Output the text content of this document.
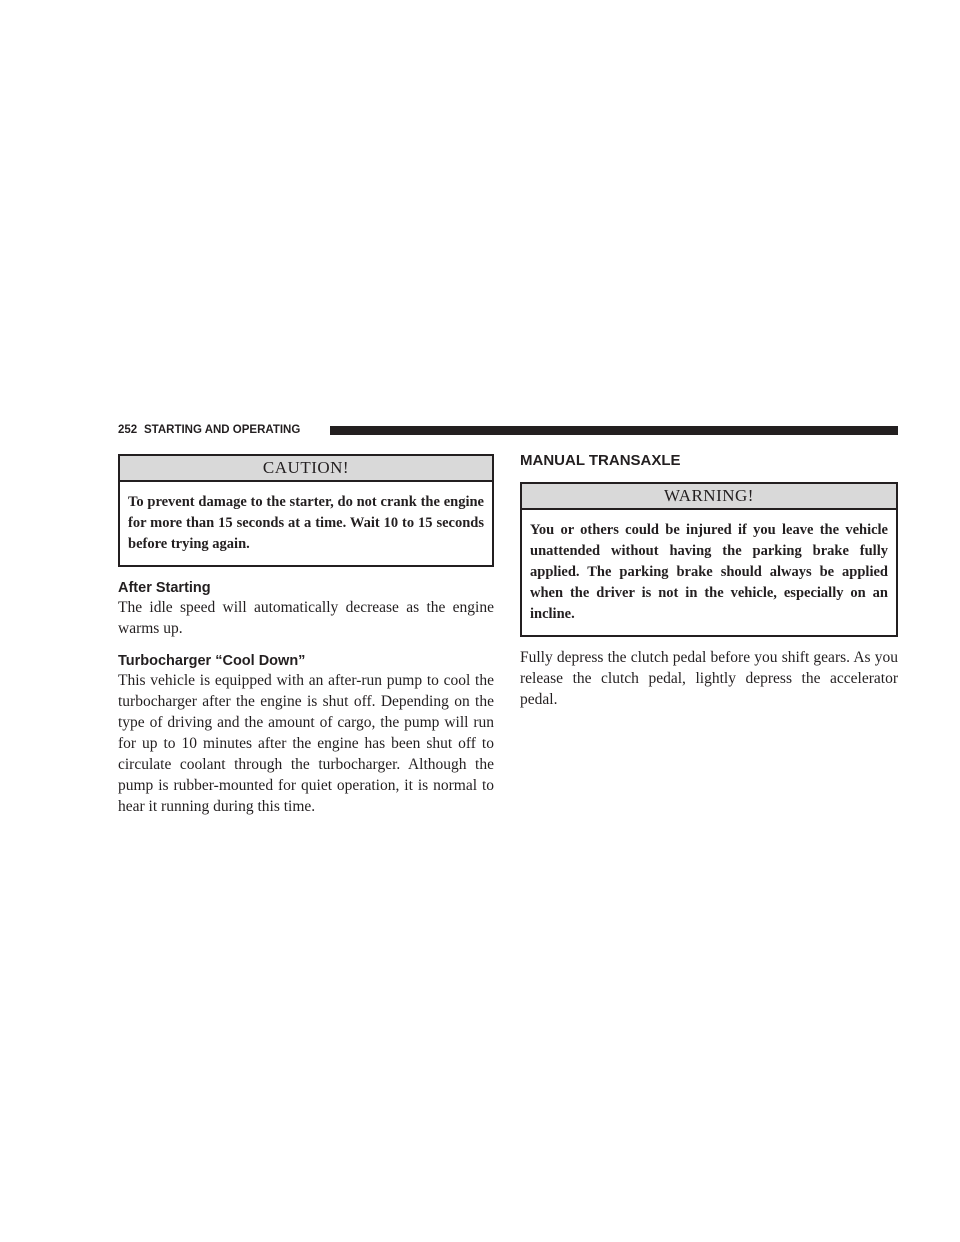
252 STARTING AND OPERATING
CAUTION!
To prevent damage to the starter, do not crank the engine for more than 15 seconds at a time. Wait 10 to 15 seconds before trying again.
After Starting

The idle speed will automatically decrease as the engine warms up.

Turbocharger “Cool Down”

This vehicle is equipped with an after-run pump to cool the turbocharger after the engine is shut off. Depending on the type of driving and the amount of cargo, the pump will run for up to 10 minutes after the engine has been shut off to circulate coolant through the turbocharger. Although the pump is rubber-mounted for quiet operation, it is normal to hear it running during this time.

MANUAL TRANSAXLE
WARNING!
You or others could be injured if you leave the vehicle unattended without having the parking brake fully applied. The parking brake should always be applied when the driver is not in the vehicle, especially on an incline.

Fully depress the clutch pedal before you shift gears. As you release the clutch pedal, lightly depress the accelerator pedal.
